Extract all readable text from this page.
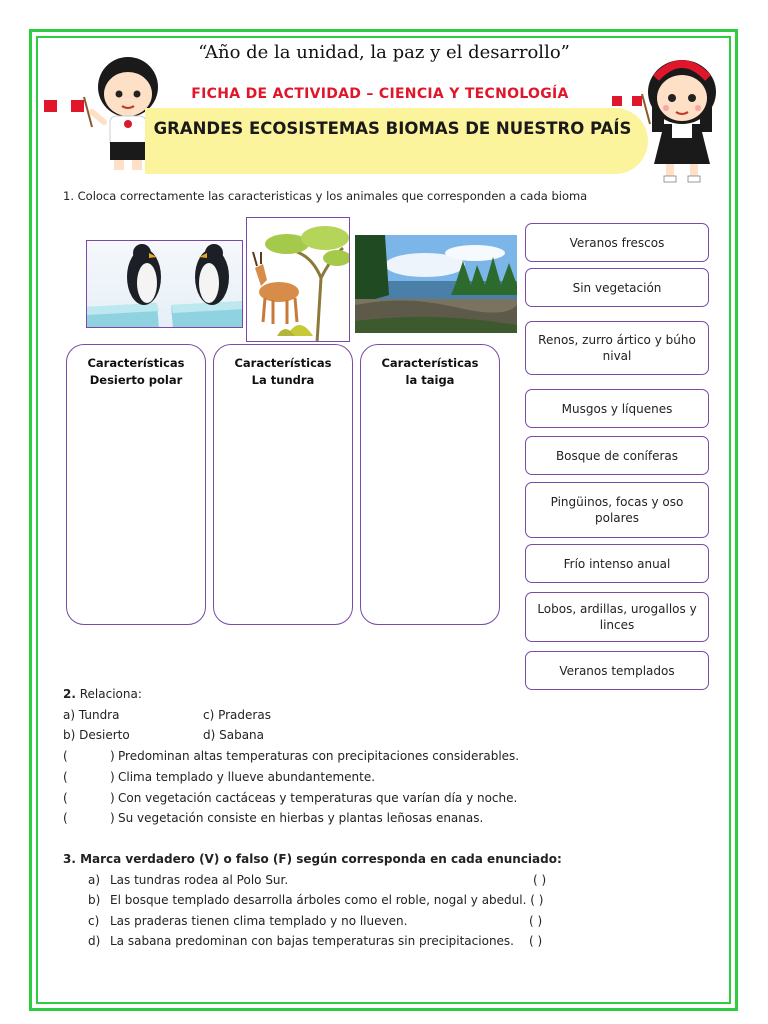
“Año de la unidad, la paz y el desarrollo”
FICHA DE ACTIVIDAD – CIENCIA Y TECNOLOGÍA
GRANDES ECOSISTEMAS BIOMAS DE NUESTRO PAÍS
1. Coloca correctamente las caracteristicas y los animales que corresponden a cada bioma
Características
Desierto polar
Características
La tundra
Características
la taiga
Veranos frescos
Sin vegetación
Renos, zurro ártico y búho nival
Musgos y líquenes
Bosque de coníferas
Pingüinos, focas y oso polares
Frío intenso anual
Lobos, ardillas, urogallos y linces
Veranos templados
2. Relaciona:
a) Tundra	c) Praderas
b) Desierto	d) Sabana
(	) Predominan altas temperaturas con precipitaciones considerables.
(	) Clima templado y llueve abundantemente.
(	) Con vegetación cactáceas y temperaturas que varían día y noche.
(	) Su vegetación consiste en hierbas y plantas leñosas enanas.
3. Marca verdadero (V) o falso (F) según corresponda en cada enunciado:
a) Las tundras rodea al Polo Sur.	( )
b) El bosque templado desarrolla árboles como el roble, nogal y abedul. ( )
c) Las praderas tienen clima templado y no llueven.	( )
d) La sabana predominan con bajas temperaturas sin precipitaciones. ( )
